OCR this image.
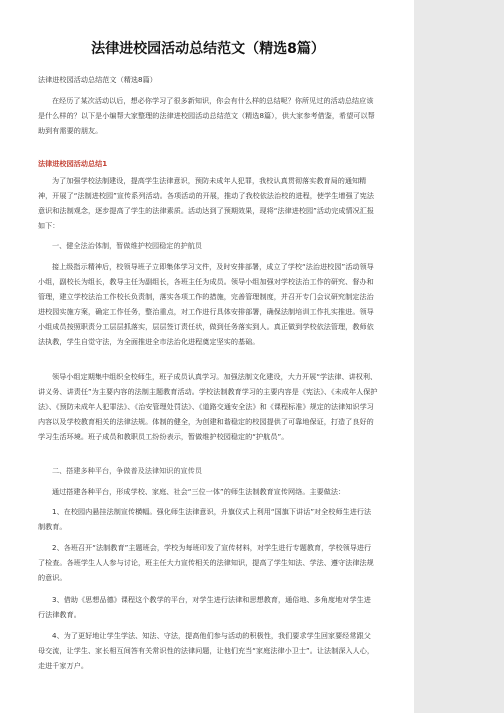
法律进校园活动总结范文（精选8篇）
法律进校园活动总结范文（精选8篇）
在经历了某次活动以后，想必你学习了很多新知识，你会有什么样的总结呢？你所见过的活动总结应该是什么样的？以下是小编帮大家整理的法律进校园活动总结范文（精选8篇），供大家参考借鉴，希望可以帮助到有需要的朋友。
法律进校园活动总结1
为了加强学校法制建设，提高学生法律意识，预防未成年人犯罪，我校认真贯彻落实教育局的通知精神，开展了“法制进校园”宣传系列活动。各项活动的开展，推动了我校依法治校的进程，使学生增强了宪法意识和法制观念，逐步提高了学生的法律素质。活动达到了预期效果，现将“法律进校园”活动完成情况汇报如下：
一、健全法治体制，暂做维护校园稳定的护航员
接上级指示精神后，校领导班子立即集体学习文件，及时安排部署，成立了学校“法治进校园”活动领导小组，副校长为组长，教导主任为副组长，各班主任为成员。领导小组加强对学校法治工作的研究、督办和管理，建立学校法治工作校长负责制，落实各项工作的措施，完善管理制度，并召开专门会议研究制定法治进校园实施方案，确定工作任务，整治重点，对工作进行具体安排部署，确保法制培训工作扎实推进。领导小组成员按照职责分工层层抓落实，层层签订责任状，做到任务落实到人。真正做到学校依法管理，教师依法执教，学生自觉守法，为全面推进全市法治化进程奠定坚实的基础。
领导小组定期集中组织全校师生，班子成员认真学习。加强法制文化建设，大力开展“学法律、讲权利、讲义务、讲责任”为主要内容的法制主题教育活动。学校法制教育学习的主要内容是《宪法》、《未成年人保护法》、《预防未成年人犯罪法》、《治安管理处罚法》、《道路交通安全法》和《课程标准》规定的法律知识学习内容以及学校教育相关的法律法规。体制的健全，为创建和谐稳定的校园提供了可靠地保证，打造了良好的学习生活环境。班子成员和教职员工纷纷表示，暂做维护校园稳定的“护航员”。
二、搭建多种平台，争做普及法律知识的宣传员
通过搭建各种平台，形成学校、家庭、社会“三位一体”的师生法制教育宣传网络。主要做法：
1、在校园内悬挂法制宣传横幅。强化师生法律意识，升旗仪式上利用“国旗下讲话”对全校师生进行法制教育。
2、各班召开“法制教育”主题班会，学校为每班印发了宣传材料，对学生进行专题教育，学校领导进行了检查。各班学生人人参与讨论，班主任大力宣传相关的法律知识，提高了学生知法、学法、遵守法律法规的意识。
3、借助《思想品德》课程这个教学的平台，对学生进行法律和思想教育，通俗地、多角度地对学生进行法律教育。
4、为了更好地让学生学法、知法、守法，提高他们参与活动的积极性，我们要求学生回家要经常跟父母交流，让学生、家长相互间答有关常识性的法律问题，让他们充当“家庭法律小卫士”。让法制深入人心，走进千家万户。
